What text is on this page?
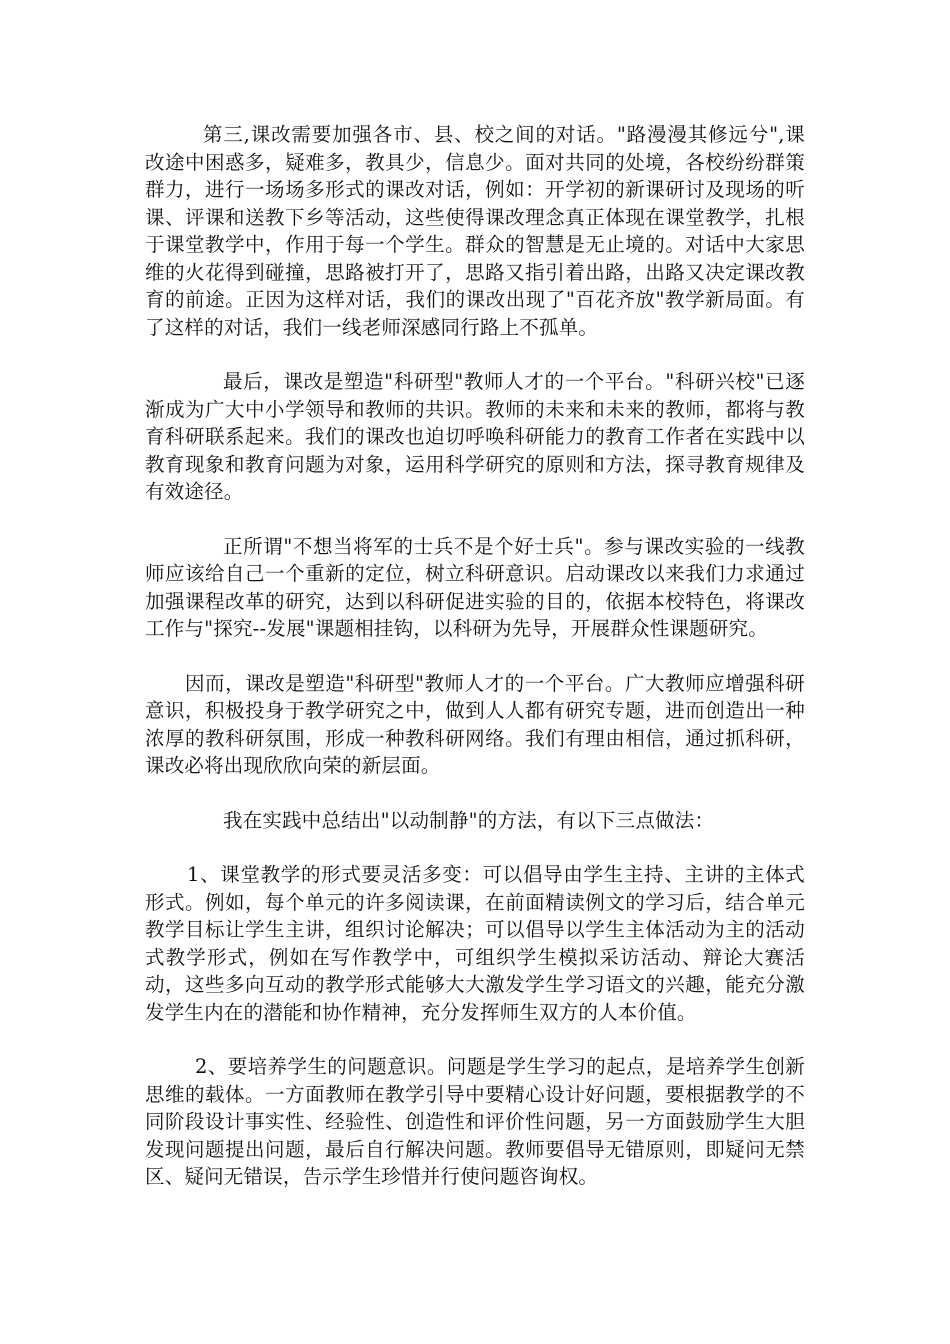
第三,课改需要加强各市、县、校之间的对话。"路漫漫其修远兮",课改途中困惑多，疑难多，教具少，信息少。面对共同的处境，各校纷纷群策群力，进行一场场多形式的课改对话，例如：开学初的新课研讨及现场的听课、评课和送教下乡等活动，这些使得课改理念真正体现在课堂教学，扎根于课堂教学中，作用于每一个学生。群众的智慧是无止境的。对话中大家思维的火花得到碰撞，思路被打开了，思路又指引着出路，出路又决定课改教育的前途。正因为这样对话，我们的课改出现了"百花齐放"教学新局面。有了这样的对话，我们一线老师深感同行路上不孤单。

最后，课改是塑造"科研型"教师人才的一个平台。"科研兴校"已逐渐成为广大中小学领导和教师的共识。教师的未来和未来的教师，都将与教育科研联系起来。我们的课改也迫切呼唤科研能力的教育工作者在实践中以教育现象和教育问题为对象，运用科学研究的原则和方法，探寻教育规律及有效途径。

正所谓"不想当将军的士兵不是个好士兵"。参与课改实验的一线教师应该给自己一个重新的定位，树立科研意识。启动课改以来我们力求通过加强课程改革的研究，达到以科研促进实验的目的，依据本校特色，将课改工作与"探究--发展"课题相挂钩，以科研为先导，开展群众性课题研究。

因而，课改是塑造"科研型"教师人才的一个平台。广大教师应增强科研意识，积极投身于教学研究之中，做到人人都有研究专题，进而创造出一种浓厚的教科研氛围，形成一种教科研网络。我们有理由相信，通过抓科研，课改必将出现欣欣向荣的新层面。

我在实践中总结出"以动制静"的方法，有以下三点做法：

1、课堂教学的形式要灵活多变：可以倡导由学生主持、主讲的主体式形式。例如，每个单元的许多阅读课，在前面精读例文的学习后，结合单元教学目标让学生主讲，组织讨论解决；可以倡导以学生主体活动为主的活动式教学形式，例如在写作教学中，可组织学生模拟采访活动、辩论大赛活动，这些多向互动的教学形式能够大大激发学生学习语文的兴趣，能充分激发学生内在的潜能和协作精神，充分发挥师生双方的人本价值。

2、要培养学生的问题意识。问题是学生学习的起点，是培养学生创新思维的载体。一方面教师在教学引导中要精心设计好问题，要根据教学的不同阶段设计事实性、经验性、创造性和评价性问题，另一方面鼓励学生大胆发现问题提出问题，最后自行解决问题。教师要倡导无错原则，即疑问无禁区、疑问无错误，告示学生珍惜并行使问题咨询权。
